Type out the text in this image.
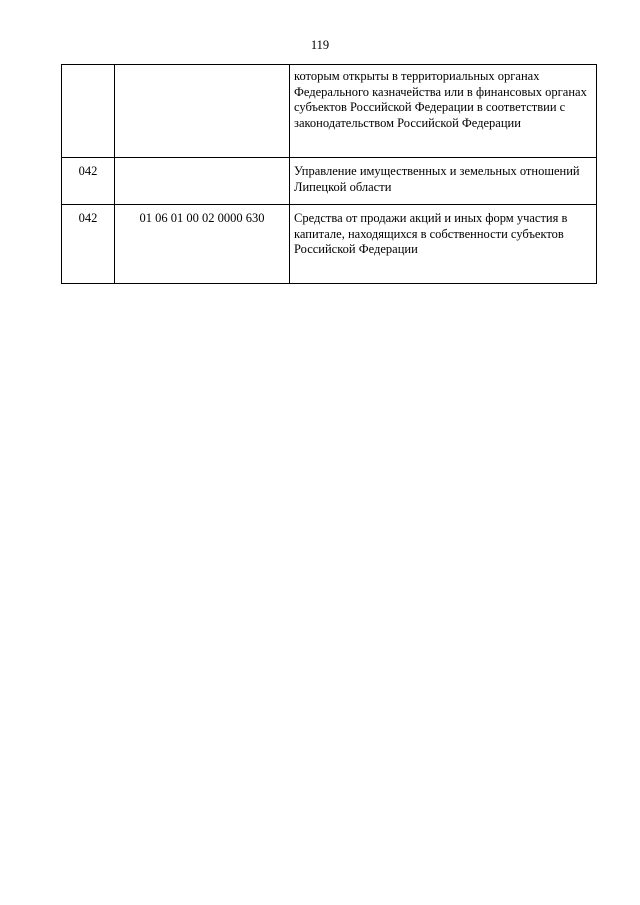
119
		которым открыты в территориальных органах Федерального казначейства или в финансовых органах субъектов Российской Федерации в соответствии с законодательством Российской Федерации
042		Управление имущественных и земельных отношений Липецкой области
042	01 06 01 00 02 0000 630	Средства от продажи акций и иных форм участия в капитале, находящихся в собственности субъектов Российской Федерации
